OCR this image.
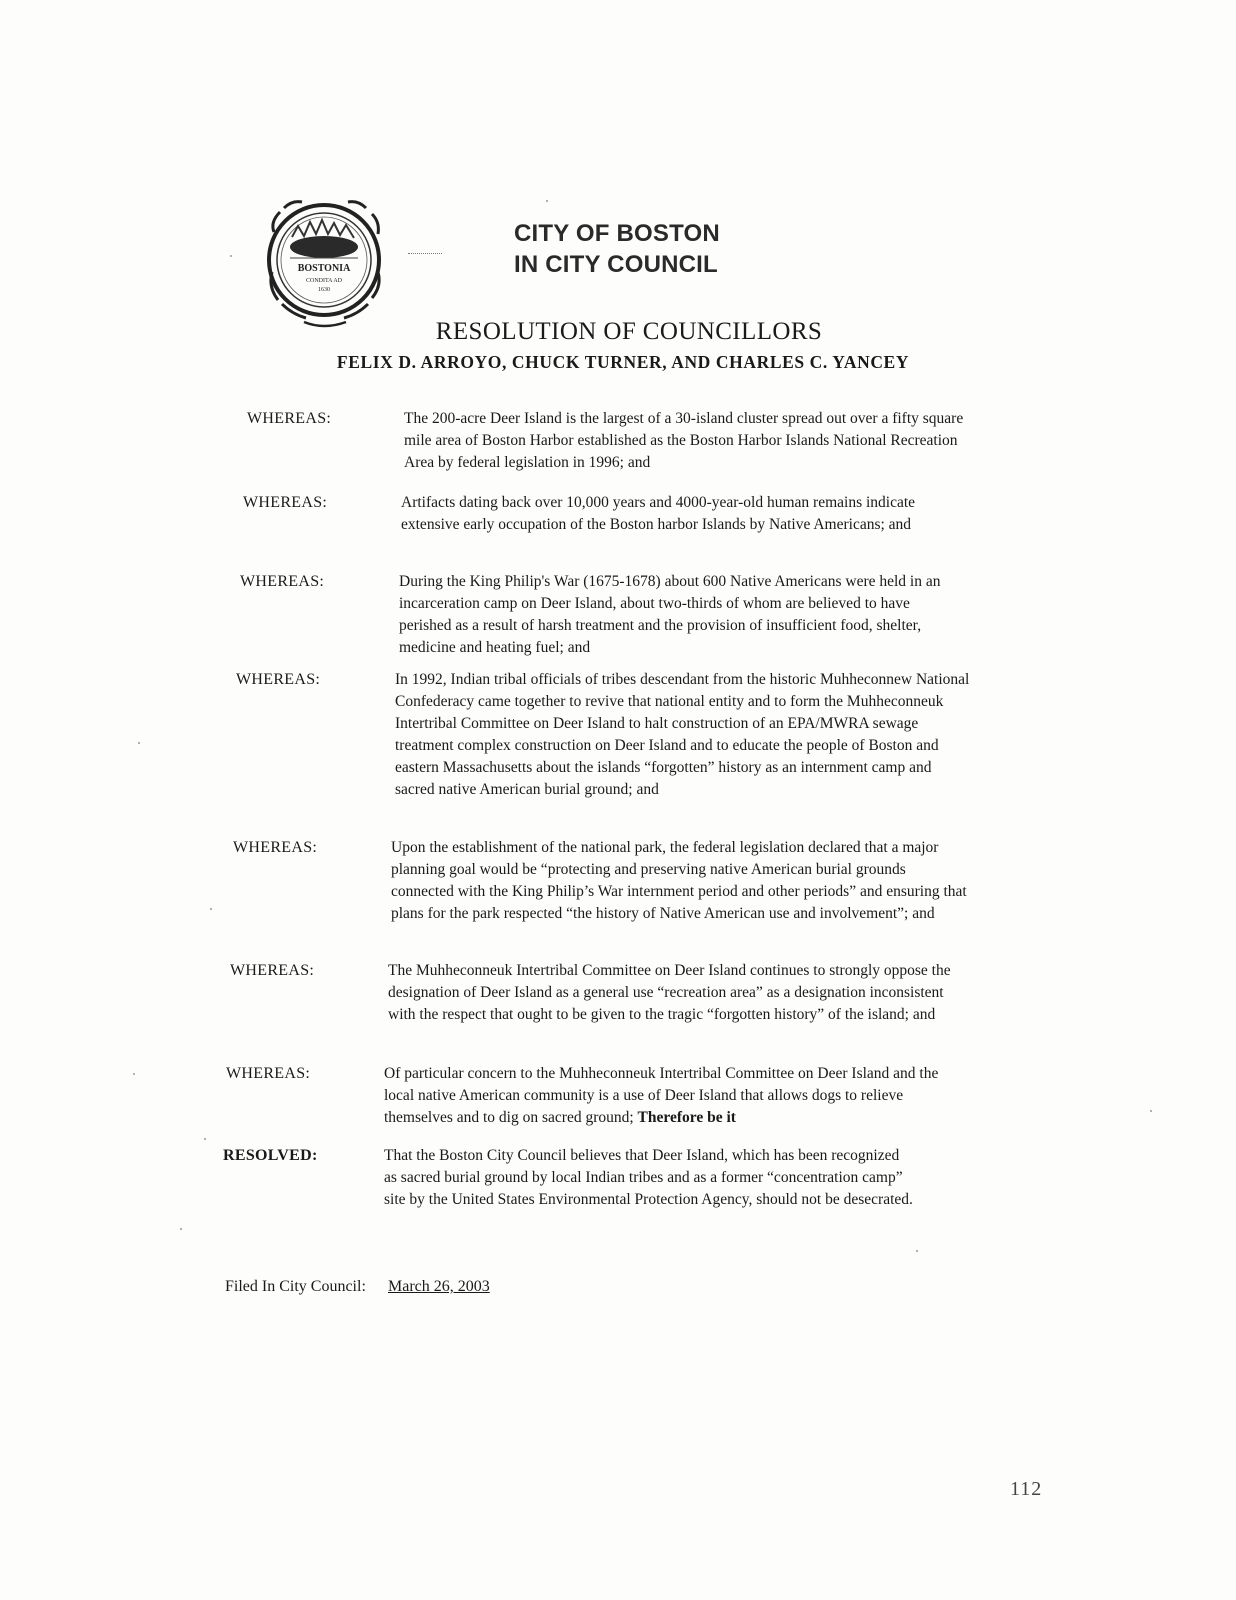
BOSTONIA
CONDITA AD
1630
CITY OF BOSTON
IN CITY COUNCIL
RESOLUTION OF COUNCILLORS
FELIX D. ARROYO, CHUCK TURNER, AND CHARLES C. YANCEY
WHEREAS:	The 200-acre Deer Island is the largest of a 30-island cluster spread out over a fifty square mile area of Boston Harbor established as the Boston Harbor Islands National Recreation Area by federal legislation in 1996; and
WHEREAS:	Artifacts dating back over 10,000 years and 4000-year-old human remains indicate extensive early occupation of the Boston harbor Islands by Native Americans; and
WHEREAS:	During the King Philip's War (1675-1678) about 600 Native Americans were held in an incarceration camp on Deer Island, about two-thirds of whom are believed to have perished as a result of harsh treatment and the provision of insufficient food, shelter, medicine and heating fuel; and
WHEREAS:	In 1992, Indian tribal officials of tribes descendant from the historic Muhheconnew National Confederacy came together to revive that national entity and to form the Muhheconneuk Intertribal Committee on Deer Island to halt construction of an EPA/MWRA sewage treatment complex construction on Deer Island and to educate the people of Boston and eastern Massachusetts about the islands “forgotten” history as an internment camp and sacred native American burial ground; and
WHEREAS:	Upon the establishment of the national park, the federal legislation declared that a major planning goal would be “protecting and preserving native American burial grounds connected with the King Philip’s War internment period and other periods” and ensuring that plans for the park respected “the history of Native American use and involvement”; and
WHEREAS:	The Muhheconneuk Intertribal Committee on Deer Island continues to strongly oppose the designation of Deer Island as a general use “recreation area” as a designation inconsistent with the respect that ought to be given to the tragic “forgotten history” of the island; and
WHEREAS:	Of particular concern to the Muhheconneuk Intertribal Committee on Deer Island and the local native American community is a use of Deer Island that allows dogs to relieve themselves and to dig on sacred ground; Therefore be it
RESOLVED:	That the Boston City Council believes that Deer Island, which has been recognized as sacred burial ground by local Indian tribes and as a former “concentration camp” site by the United States Environmental Protection Agency, should not be desecrated.
Filed In City Council: March 26, 2003
112
